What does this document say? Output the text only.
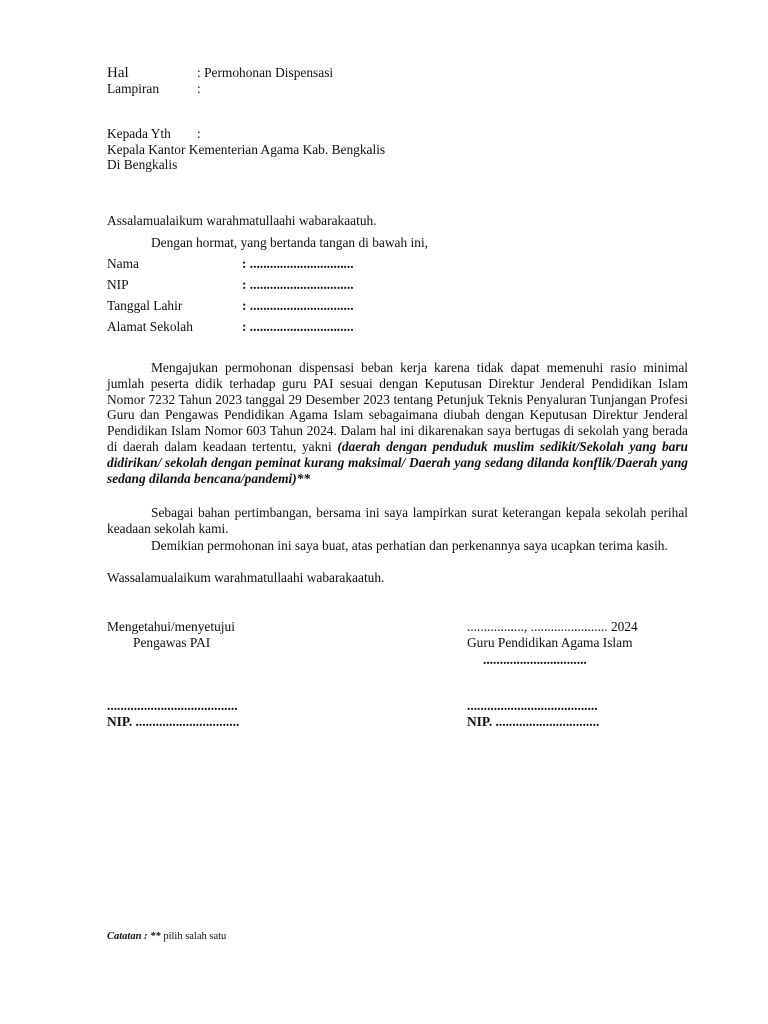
Hal	: Permohonan Dispensasi
Lampiran	:
Kepada Yth :
Kepala Kantor Kementerian Agama Kab. Bengkalis
Di Bengkalis
Assalamualaikum warahmatullaahi wabarakaatuh.
Dengan hormat, yang bertanda tangan di bawah ini,
Nama	: ...............................
NIP	: ...............................
Tanggal Lahir	: ...............................
Alamat Sekolah	: ...............................
Mengajukan permohonan dispensasi beban kerja karena tidak dapat memenuhi rasio minimal jumlah peserta didik terhadap guru PAI sesuai dengan Keputusan Direktur Jenderal Pendidikan Islam Nomor 7232 Tahun 2023 tanggal 29 Desember 2023 tentang Petunjuk Teknis Penyaluran Tunjangan Profesi Guru dan Pengawas Pendidikan Agama Islam sebagaimana diubah dengan Keputusan Direktur Jenderal Pendidikan Islam Nomor 603 Tahun 2024. Dalam hal ini dikarenakan saya bertugas di sekolah yang berada di daerah dalam keadaan tertentu, yakni (daerah dengan penduduk muslim sedikit/Sekolah yang baru didirikan/ sekolah dengan peminat kurang maksimal/ Daerah yang sedang dilanda konflik/Daerah yang sedang dilanda bencana/pandemi)**
Sebagai bahan pertimbangan, bersama ini saya lampirkan surat keterangan kepala sekolah perihal keadaan sekolah kami.
Demikian permohonan ini saya buat, atas perhatian dan perkenannya saya ucapkan terima kasih.
Wassalamualaikum warahmatullaahi wabarakaatuh.
Mengetahui/menyetujui
Pengawas PAI
.......................................
NIP. ...............................
................., ....................... 2024
Guru Pendidikan Agama Islam
...............................
.......................................
NIP. ...............................
Catatan : ** pilih salah satu
